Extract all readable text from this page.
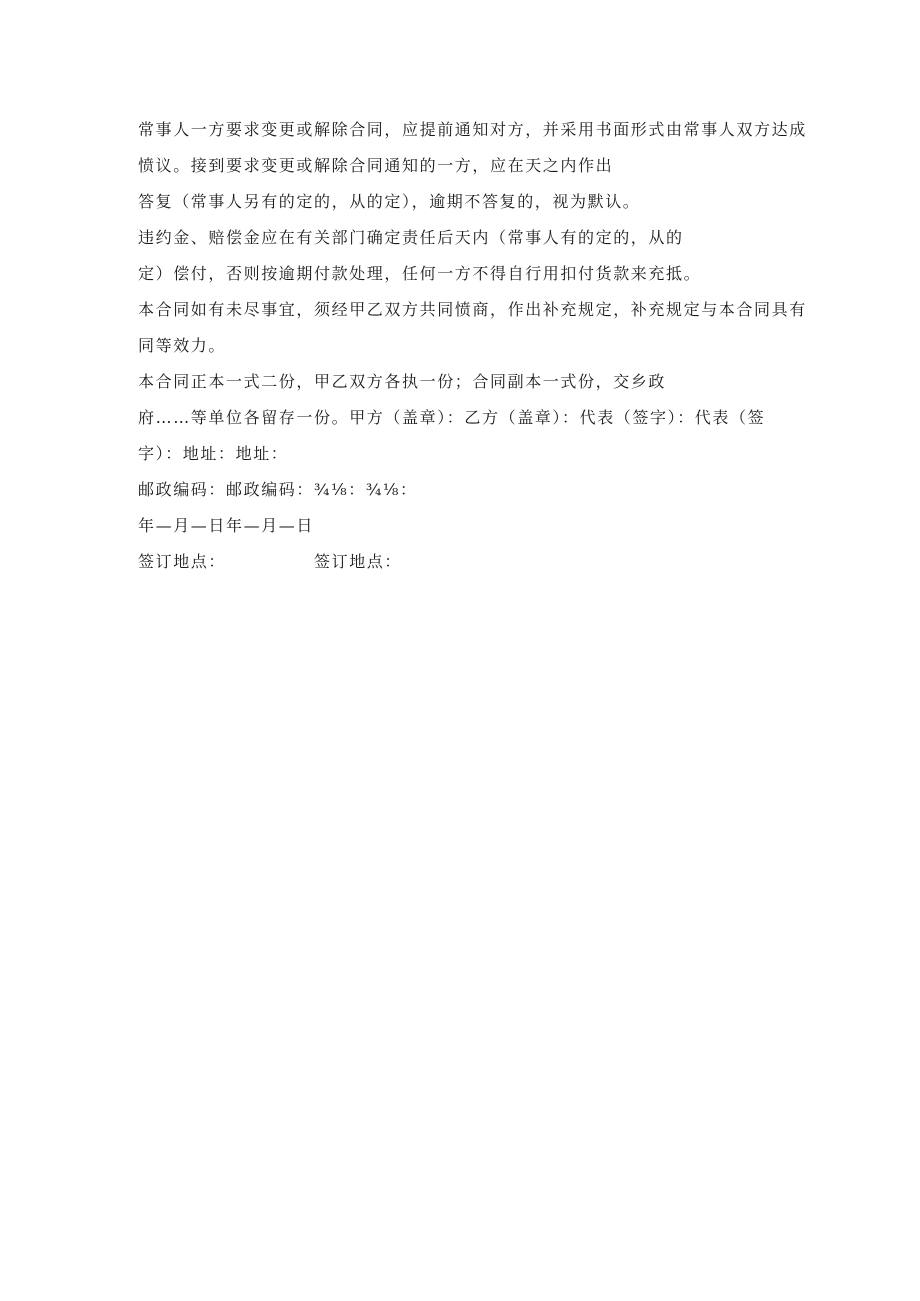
常事人一方要求变更或解除合同，应提前通知对方，并采用书面形式由常事人双方达成
愤议。接到要求变更或解除合同通知的一方，应在天之内作出
答复（常事人另有的定的，从的定），逾期不答复的，视为默认。
违约金、赔偿金应在有关部门确定责任后天内（常事人有的定的，从的
定）偿付，否则按逾期付款处理，任何一方不得自行用扣付货款来充抵。
本合同如有未尽事宜，须经甲乙双方共同愤商，作出补充规定，补充规定与本合同具有
同等效力。
本合同正本一式二份，甲乙双方各执一份；合同副本一式份，交乡政
府……等单位各留存一份。甲方（盖章）：乙方（盖章）：代表（签字）：代表（签
字）：地址：地址：
邮政编码：邮政编码：¾⅛：¾⅛：
年—月—日年—月—日
签订地点：	签订地点：
